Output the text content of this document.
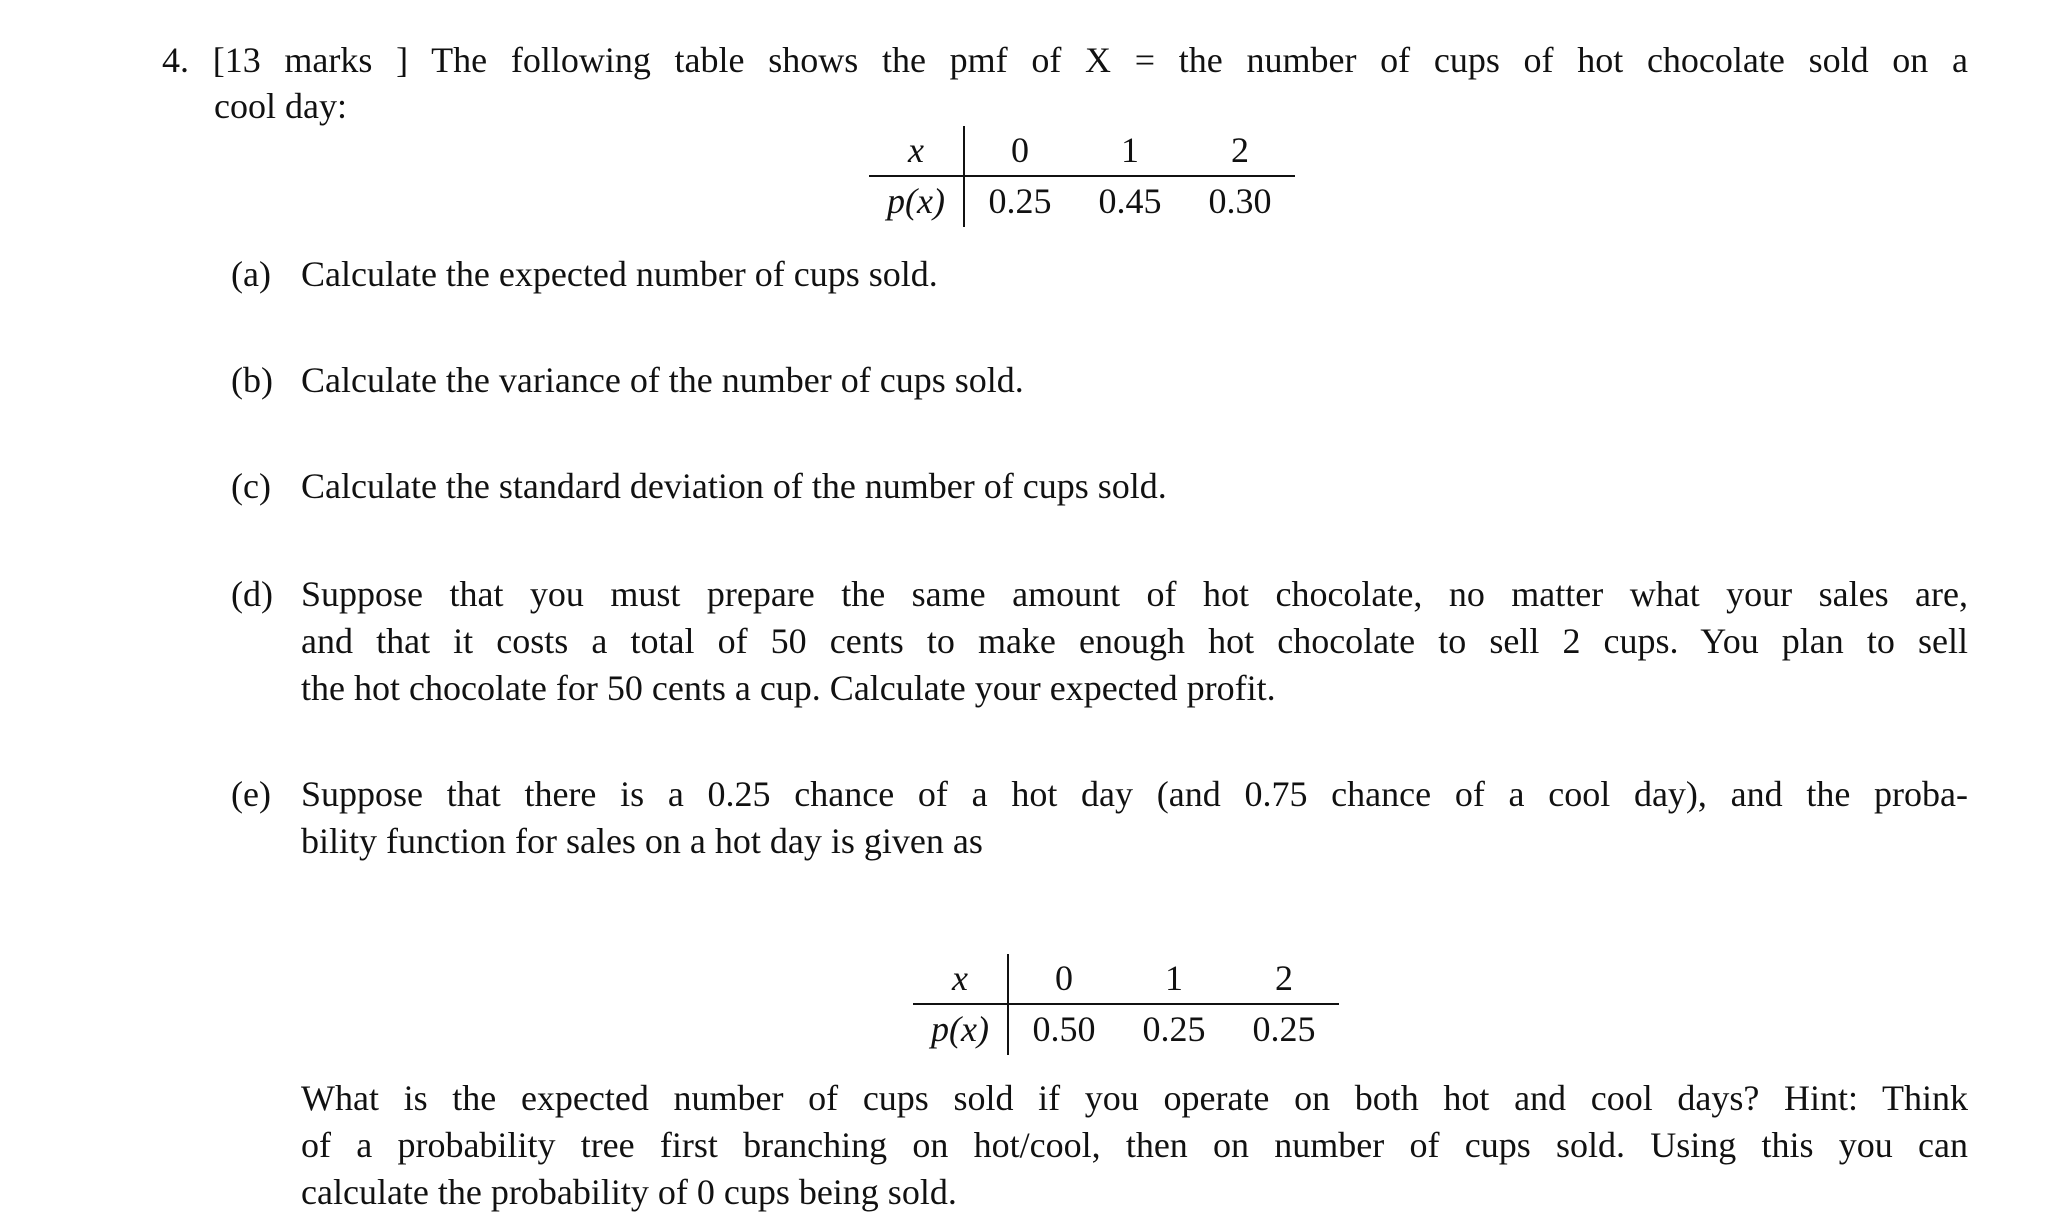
4. [13 marks ] The following table shows the pmf of X = the number of cups of hot chocolate sold on a
cool day:
x	0	1	2
p(x)	0.25	0.45	0.30
(a) Calculate the expected number of cups sold.
(b) Calculate the variance of the number of cups sold.
(c) Calculate the standard deviation of the number of cups sold.
(d) Suppose that you must prepare the same amount of hot chocolate, no matter what your sales are,
and that it costs a total of 50 cents to make enough hot chocolate to sell 2 cups. You plan to sell
the hot chocolate for 50 cents a cup. Calculate your expected profit.
(e) Suppose that there is a 0.25 chance of a hot day (and 0.75 chance of a cool day), and the proba-
bility function for sales on a hot day is given as
x	0	1	2
p(x)	0.50	0.25	0.25
What is the expected number of cups sold if you operate on both hot and cool days? Hint: Think
of a probability tree first branching on hot/cool, then on number of cups sold. Using this you can
calculate the probability of 0 cups being sold.
